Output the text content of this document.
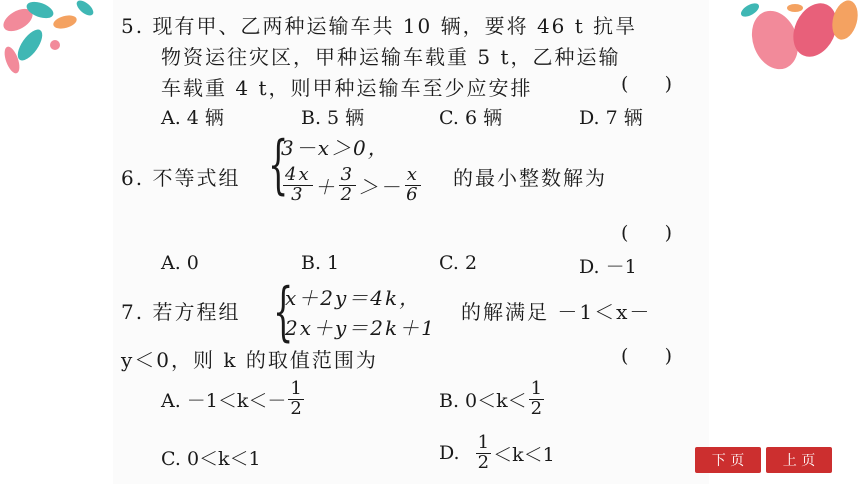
5. 现有甲、乙两种运输车共 10 辆，要将 46 t 抗旱
物资运往灾区，甲种运输车载重 5 t，乙种运输
车载重 4 t，则甲种运输车至少应安排	(      )
A. 4 辆	B. 5 辆	C. 6 辆	D. 7 辆
6. 不等式组 {
3－x＞0，
$\frac{4x}{3} + \frac{3}{2} >- \frac{x}{6}$ 的最小整数解为
(      )
A. 0	B. 1	C. 2	D. －1
7. 若方程组 {
x＋2y＝4k，
2x＋y＝2k＋1
的解满足 －1＜x－
y＜0，则 k 的取值范围为	(      )
A. $-1<k<- \frac{1}{2}$	B. $0<k< \frac{1}{2}$
C. 0＜k＜1	D. $\frac{1}{2} <k<1$	下 页	上 页
